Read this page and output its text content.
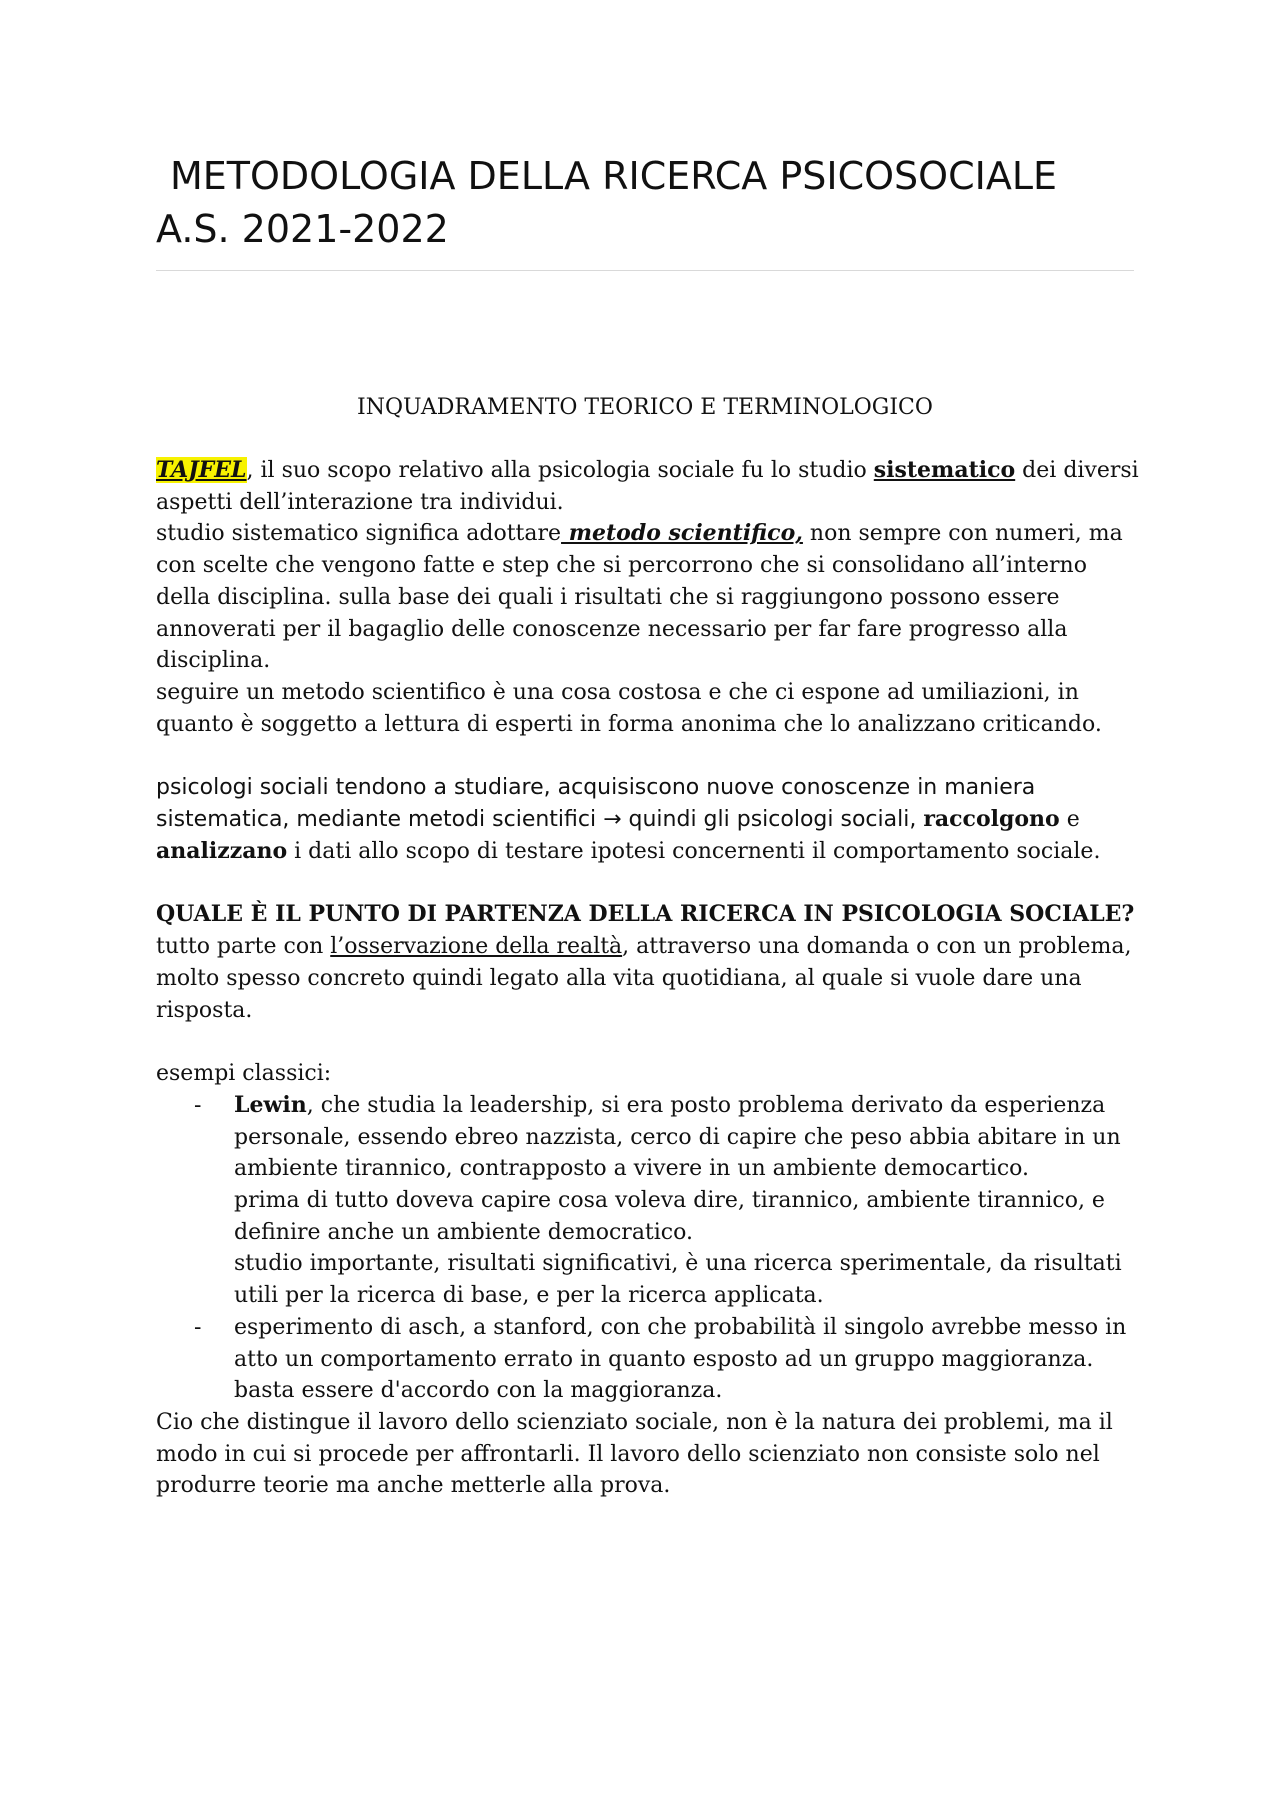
METODOLOGIA DELLA RICERCA PSICOSOCIALE
A.S. 2021-2022
INQUADRAMENTO TEORICO E TERMINOLOGICO

TAJFEL, il suo scopo relativo alla psicologia sociale fu lo studio sistematico dei diversi aspetti dell’interazione tra individui.

studio sistematico significa adottare metodo scientifico, non sempre con numeri, ma con scelte che vengono fatte e step che si percorrono che si consolidano all’interno della disciplina. sulla base dei quali i risultati che si raggiungono possono essere annoverati per il bagaglio delle conoscenze necessario per far fare progresso alla disciplina.

seguire un metodo scientifico è una cosa costosa e che ci espone ad umiliazioni, in quanto è soggetto a lettura di esperti in forma anonima che lo analizzano criticando.

psicologi sociali tendono a studiare, acquisiscono nuove conoscenze in maniera sistematica, mediante metodi scientifici → quindi gli psicologi sociali, raccolgono e analizzano i dati allo scopo di testare ipotesi concernenti il comportamento sociale.

QUALE È IL PUNTO DI PARTENZA DELLA RICERCA IN PSICOLOGIA SOCIALE?

tutto parte con l’osservazione della realtà, attraverso una domanda o con un problema, molto spesso concreto quindi legato alla vita quotidiana, al quale si vuole dare una risposta.

esempi classici:

- Lewin, che studia la leadership, si era posto problema derivato da esperienza personale, essendo ebreo nazzista, cerco di capire che peso abbia abitare in un ambiente tirannico, contrapposto a vivere in un ambiente democartico.
prima di tutto doveva capire cosa voleva dire, tirannico, ambiente tirannico, e definire anche un ambiente democratico.
studio importante, risultati significativi, è una ricerca sperimentale, da risultati utili per la ricerca di base, e per la ricerca applicata.
- esperimento di asch, a stanford, con che probabilità il singolo avrebbe messo in atto un comportamento errato in quanto esposto ad un gruppo maggioranza. basta essere d'accordo con la maggioranza.

Cio che distingue il lavoro dello scienziato sociale, non è la natura dei problemi, ma il modo in cui si procede per affrontarli. Il lavoro dello scienziato non consiste solo nel produrre teorie ma anche metterle alla prova.
